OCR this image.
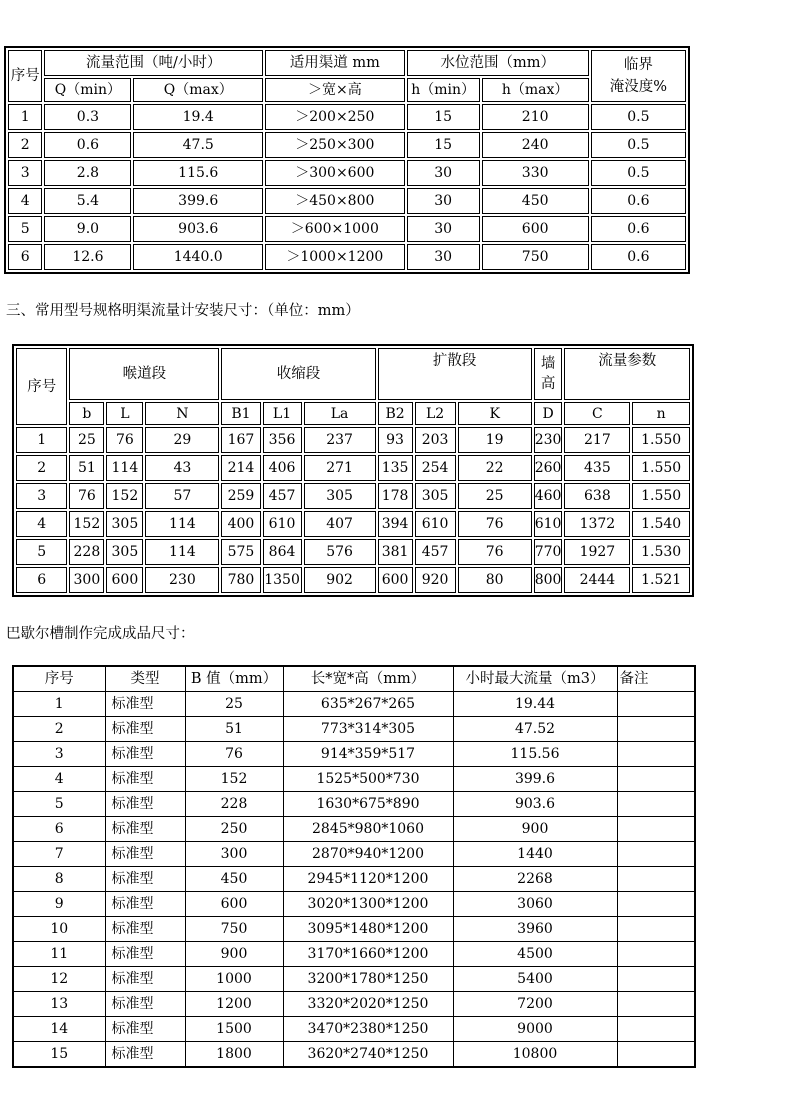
序号	流量范围（吨/小时）		适用渠道 mm	水位范围（mm）		临界
淹没度%
	Q（min）	Q（max）	＞宽×高	h（min）	h（max）	
1	0.3	19.4	＞200×250	15	210	0.5
2	0.6	47.5	＞250×300	15	240	0.5
3	2.8	115.6	＞300×600	30	330	0.5
4	5.4	399.6	＞450×800	30	450	0.6
5	9.0	903.6	＞600×1000	30	600	0.6
6	12.6	1440.0	＞1000×1200	30	750	0.6
三、常用型号规格明渠流量计安装尺寸：（单位：mm）
序号	喉道段			收缩段			扩散段			墙
高	流量参数	
	b	L	N	B1	L1	La	B2	L2	K	D	C	n
1	25	76	29	167	356	237	93	203	19	230	217	1.550
2	51	114	43	214	406	271	135	254	22	260	435	1.550
3	76	152	57	259	457	305	178	305	25	460	638	1.550
4	152	305	114	400	610	407	394	610	76	610	1372	1.540
5	228	305	114	575	864	576	381	457	76	770	1927	1.530
6	300	600	230	780	1350	902	600	920	80	800	2444	1.521
巴歇尔槽制作完成成品尺寸：
序号	类型	B 值（mm）	长*宽*高（mm）	小时最大流量（m3）	备注
1	标准型	25	635*267*265	19.44	
2	标准型	51	773*314*305	47.52	
3	标准型	76	914*359*517	115.56	
4	标准型	152	1525*500*730	399.6	
5	标准型	228	1630*675*890	903.6	
6	标准型	250	2845*980*1060	900	
7	标准型	300	2870*940*1200	1440	
8	标准型	450	2945*1120*1200	2268	
9	标准型	600	3020*1300*1200	3060	
10	标准型	750	3095*1480*1200	3960	
11	标准型	900	3170*1660*1200	4500	
12	标准型	1000	3200*1780*1250	5400	
13	标准型	1200	3320*2020*1250	7200	
14	标准型	1500	3470*2380*1250	9000	
15	标准型	1800	3620*2740*1250	10800	
